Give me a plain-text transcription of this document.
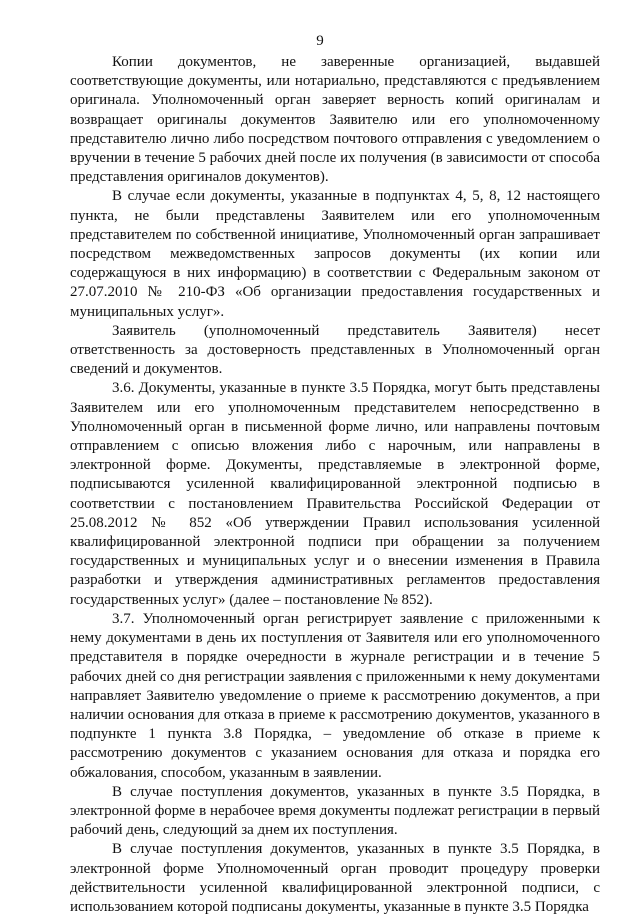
9

Копии документов, не заверенные организацией, выдавшей соответствующие документы, или нотариально, представляются с предъявлением оригинала. Уполномоченный орган заверяет верность копий оригиналам и возвращает оригиналы документов Заявителю или его уполномоченному представителю лично либо посредством почтового отправления с уведомлением о вручении в течение 5 рабочих дней после их получения (в зависимости от способа представления оригиналов документов).

В случае если документы, указанные в подпунктах 4, 5, 8, 12 настоящего пункта, не были представлены Заявителем или его уполномоченным представителем по собственной инициативе, Уполномоченный орган запрашивает посредством межведомственных запросов документы (их копии или содержащуюся в них информацию) в соответствии с Федеральным законом от 27.07.2010 № 210-ФЗ «Об организации предоставления государственных и муниципальных услуг».

Заявитель (уполномоченный представитель Заявителя) несет ответственность за достоверность представленных в Уполномоченный орган сведений и документов.

3.6. Документы, указанные в пункте 3.5 Порядка, могут быть представлены Заявителем или его уполномоченным представителем непосредственно в Уполномоченный орган в письменной форме лично, или направлены почтовым отправлением с описью вложения либо с нарочным, или направлены в электронной форме. Документы, представляемые в электронной форме, подписываются усиленной квалифицированной электронной подписью в соответствии с постановлением Правительства Российской Федерации от 25.08.2012 № 852 «Об утверждении Правил использования усиленной квалифицированной электронной подписи при обращении за получением государственных и муниципальных услуг и о внесении изменения в Правила разработки и утверждения административных регламентов предоставления государственных услуг» (далее – постановление № 852).

3.7. Уполномоченный орган регистрирует заявление с приложенными к нему документами в день их поступления от Заявителя или его уполномоченного представителя в порядке очередности в журнале регистрации и в течение 5 рабочих дней со дня регистрации заявления с приложенными к нему документами направляет Заявителю уведомление о приеме к рассмотрению документов, а при наличии основания для отказа в приеме к рассмотрению документов, указанного в подпункте 1 пункта 3.8 Порядка, – уведомление об отказе в приеме к рассмотрению документов с указанием основания для отказа и порядка его обжалования, способом, указанным в заявлении.

В случае поступления документов, указанных в пункте 3.5 Порядка, в электронной форме в нерабочее время документы подлежат регистрации в первый рабочий день, следующий за днем их поступления.

В случае поступления документов, указанных в пункте 3.5 Порядка, в электронной форме Уполномоченный орган проводит процедуру проверки действительности усиленной квалифицированной электронной подписи, с использованием которой подписаны документы, указанные в пункте 3.5 Порядка
